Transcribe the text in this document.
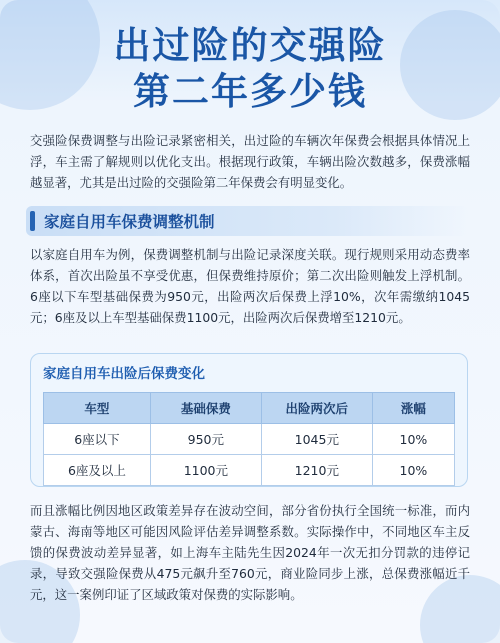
出过险的交强险
第二年多少钱
交强险保费调整与出险记录紧密相关，出过险的车辆次年保费会根据具体情况上浮，车主需了解规则以优化支出。根据现行政策，车辆出险次数越多，保费涨幅越显著，尤其是出过险的交强险第二年保费会有明显变化。
家庭自用车保费调整机制
以家庭自用车为例，保费调整机制与出险记录深度关联。现行规则采用动态费率体系，首次出险虽不享受优惠，但保费维持原价；第二次出险则触发上浮机制。6座以下车型基础保费为950元，出险两次后保费上浮10%，次年需缴纳1045元；6座及以上车型基础保费1100元，出险两次后保费增至1210元。
家庭自用车出险后保费变化
车型	基础保费	出险两次后	涨幅
6座以下	950元	1045元	10%
6座及以上	1100元	1210元	10%
而且涨幅比例因地区政策差异存在波动空间，部分省份执行全国统一标准，而内蒙古、海南等地区可能因风险评估差异调整系数。实际操作中，不同地区车主反馈的保费波动差异显著，如上海车主陆先生因2024年一次无扣分罚款的违停记录，导致交强险保费从475元飙升至760元，商业险同步上涨，总保费涨幅近千元，这一案例印证了区域政策对保费的实际影响。
